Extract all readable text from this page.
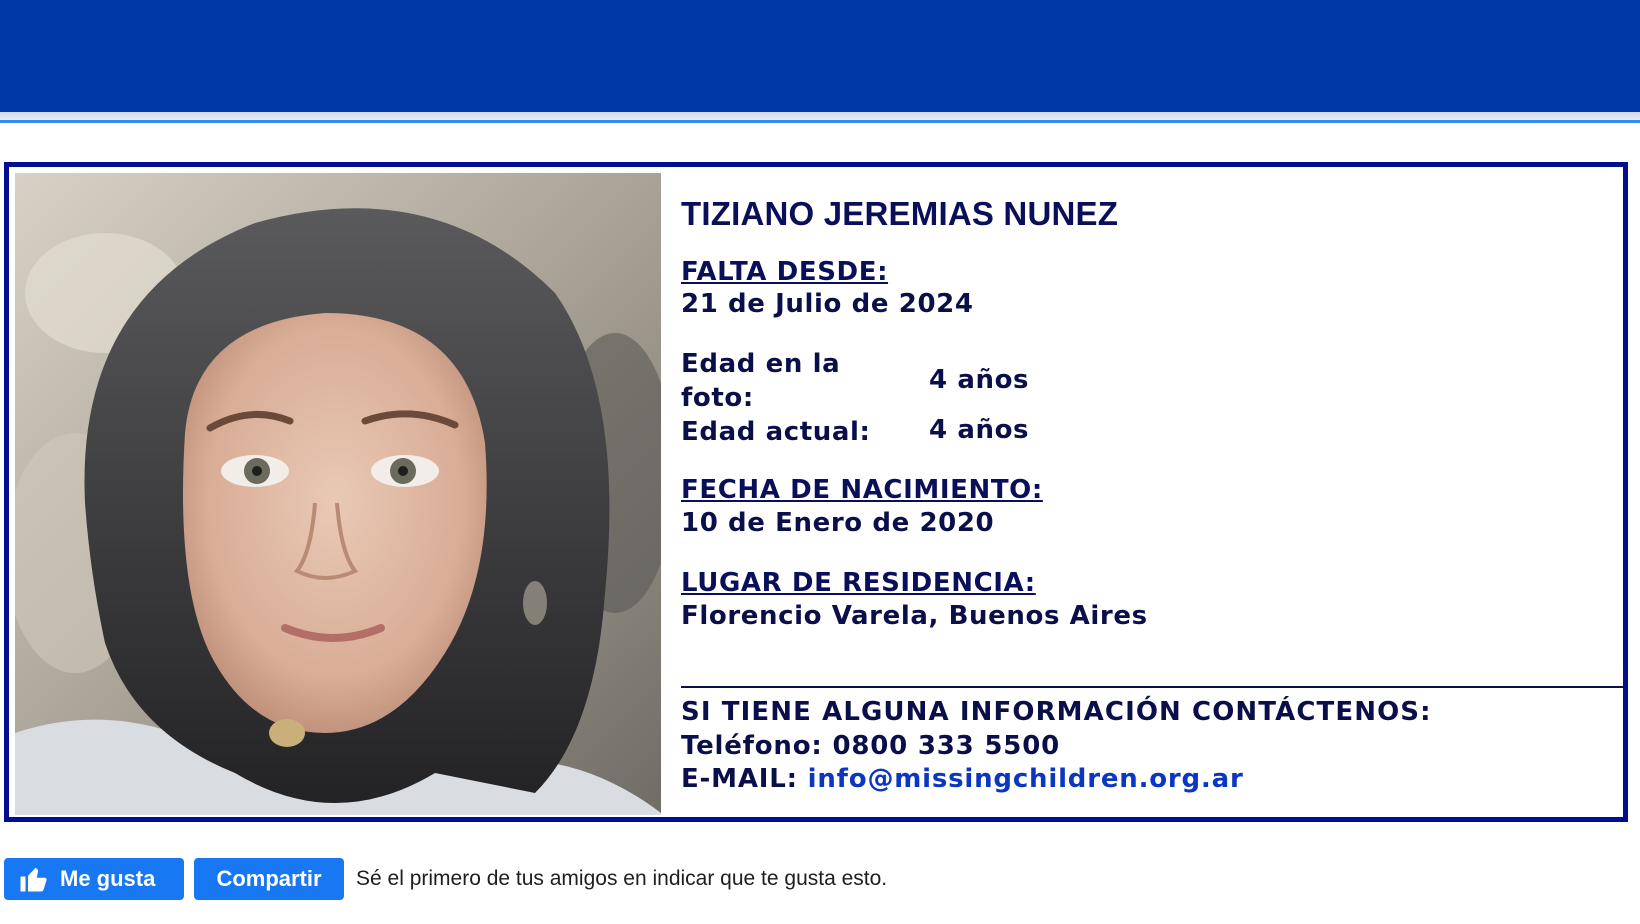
TIZIANO JEREMIAS NUNEZ
FALTA DESDE:
21 de Julio de 2024
Edad en la foto:
4 años
Edad actual:	4 años
FECHA DE NACIMIENTO:
10 de Enero de 2020
LUGAR DE RESIDENCIA:
Florencio Varela, Buenos Aires
SI TIENE ALGUNA INFORMACIÓN CONTÁCTENOS:
Teléfono: 0800 333 5500
E-MAIL: info@missingchildren.org.ar
Me gusta	Compartir Sé el primero de tus amigos en indicar que te gusta esto.
